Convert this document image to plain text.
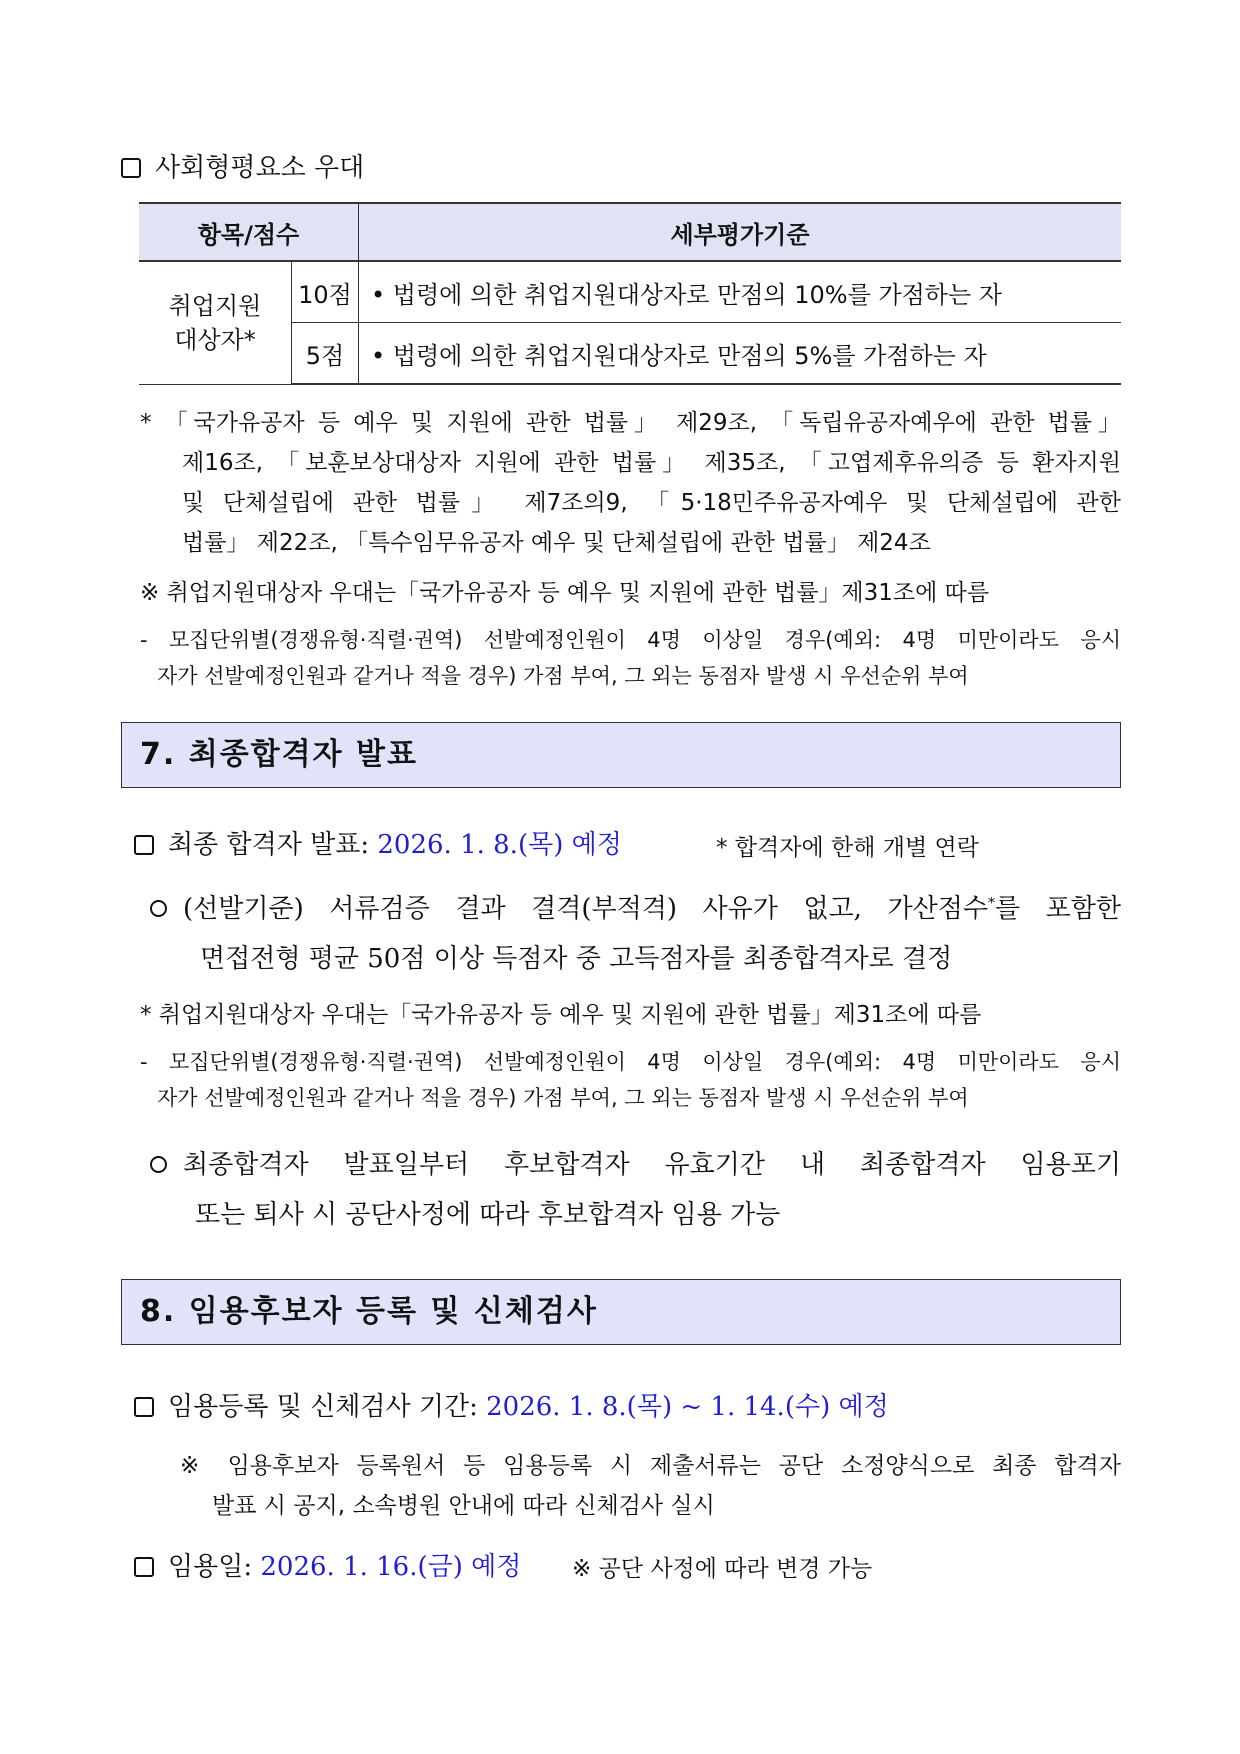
사회형평요소 우대
항목/점수		세부평가기준
취업지원
대상자*	10점	• 법령에 의한 취업지원대상자로 만점의 10%를 가점하는 자
	5점	• 법령에 의한 취업지원대상자로 만점의 5%를 가점하는 자
* 「국가유공자 등 예우 및 지원에 관한 법률」 제29조, 「독립유공자예우에 관한 법률」
제16조, 「보훈보상대상자 지원에 관한 법률」 제35조, 「고엽제후유의증 등 환자지원
및 단체설립에 관한 법률」 제7조의9, 「5·18민주유공자예우 및 단체설립에 관한
법률」 제22조, 「특수임무유공자 예우 및 단체설립에 관한 법률」 제24조
※ 취업지원대상자 우대는「국가유공자 등 예우 및 지원에 관한 법률」제31조에 따름
- 모집단위별(경쟁유형·직렬·권역) 선발예정인원이 4명 이상일 경우(예외: 4명 미만이라도 응시
자가 선발예정인원과 같거나 적을 경우) 가점 부여, 그 외는 동점자 발생 시 우선순위 부여
7. 최종합격자 발표
최종 합격자 발표: 2026. 1. 8.(목) 예정	* 합격자에 한해 개별 연락
(선발기준) 서류검증 결과 결격(부적격) 사유가 없고, 가산점수*를 포함한
면접전형 평균 50점 이상 득점자 중 고득점자를 최종합격자로 결정
* 취업지원대상자 우대는「국가유공자 등 예우 및 지원에 관한 법률」제31조에 따름
- 모집단위별(경쟁유형·직렬·권역) 선발예정인원이 4명 이상일 경우(예외: 4명 미만이라도 응시
자가 선발예정인원과 같거나 적을 경우) 가점 부여, 그 외는 동점자 발생 시 우선순위 부여
최종합격자 발표일부터 후보합격자 유효기간 내 최종합격자 임용포기
또는 퇴사 시 공단사정에 따라 후보합격자 임용 가능
8. 임용후보자 등록 및 신체검사
임용등록 및 신체검사 기간: 2026. 1. 8.(목) ~ 1. 14.(수) 예정
※ 임용후보자 등록원서 등 임용등록 시 제출서류는 공단 소정양식으로 최종 합격자
발표 시 공지, 소속병원 안내에 따라 신체검사 실시
임용일: 2026. 1. 16.(금) 예정 ※ 공단 사정에 따라 변경 가능
